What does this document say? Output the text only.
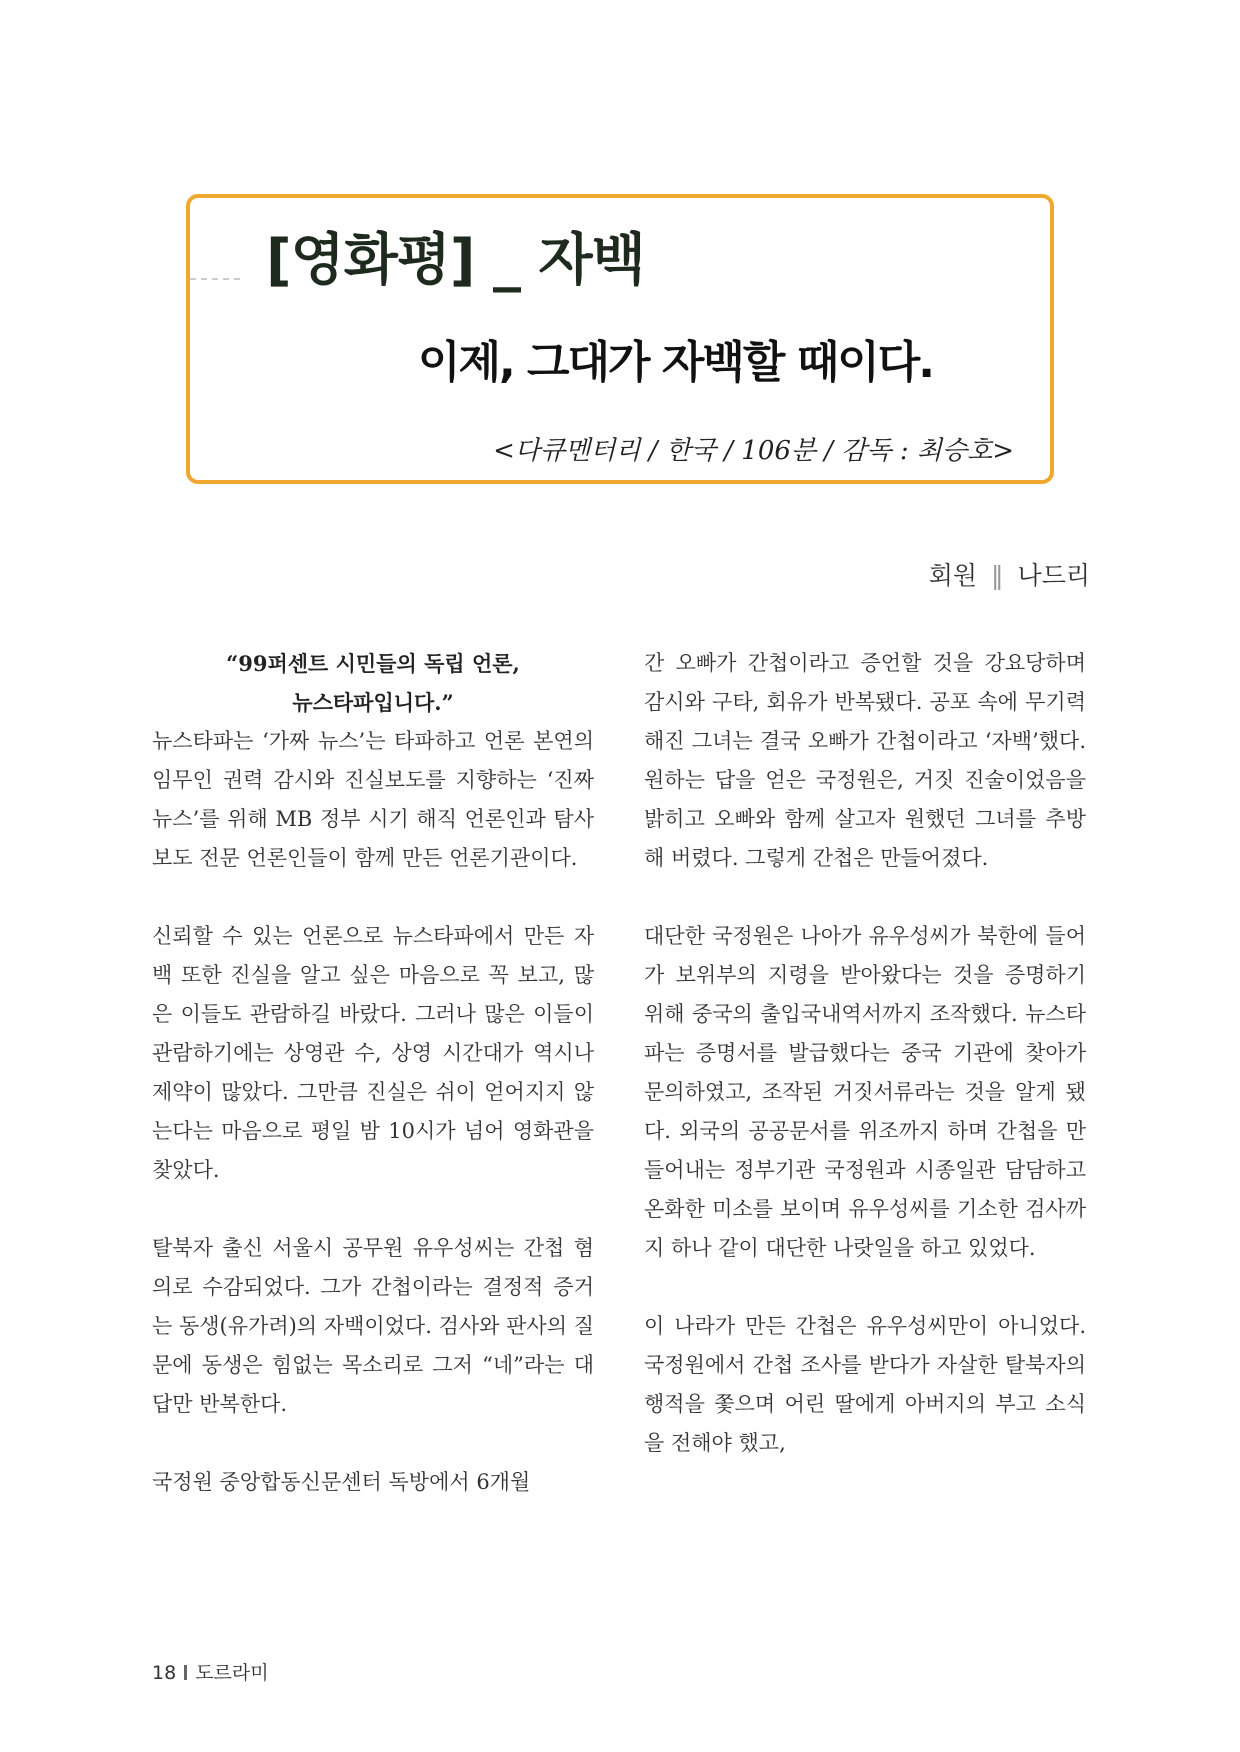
[영화평] _ 자백
이제, 그대가 자백할 때이다.
<다큐멘터리 / 한국 / 106분 / 감독 : 최승호>
회원 ‖ 나드리

“99퍼센트 시민들의 독립 언론,
뉴스타파입니다.”

뉴스타파는 ‘가짜 뉴스’는 타파하고 언론 본연의 임무인 권력 감시와 진실보도를 지향하는 ‘진짜 뉴스’를 위해 MB 정부 시기 해직 언론인과 탐사보도 전문 언론인들이 함께 만든 언론기관이다.

신뢰할 수 있는 언론으로 뉴스타파에서 만든 자백 또한 진실을 알고 싶은 마음으로 꼭 보고, 많은 이들도 관람하길 바랐다. 그러나 많은 이들이 관람하기에는 상영관 수, 상영 시간대가 역시나 제약이 많았다. 그만큼 진실은 쉬이 얻어지지 않는다는 마음으로 평일 밤 10시가 넘어 영화관을 찾았다.

탈북자 출신 서울시 공무원 유우성씨는 간첩 혐의로 수감되었다. 그가 간첩이라는 결정적 증거는 동생(유가려)의 자백이었다. 검사와 판사의 질문에 동생은 힘없는 목소리로 그저 “네”라는 대답만 반복한다.

국정원 중앙합동신문센터 독방에서 6개월

간 오빠가 간첩이라고 증언할 것을 강요당하며 감시와 구타, 회유가 반복됐다. 공포 속에 무기력해진 그녀는 결국 오빠가 간첩이라고 ‘자백’했다. 원하는 답을 얻은 국정원은, 거짓 진술이었음을 밝히고 오빠와 함께 살고자 원했던 그녀를 추방해 버렸다. 그렇게 간첩은 만들어졌다.

대단한 국정원은 나아가 유우성씨가 북한에 들어가 보위부의 지령을 받아왔다는 것을 증명하기 위해 중국의 출입국내역서까지 조작했다. 뉴스타파는 증명서를 발급했다는 중국 기관에 찾아가 문의하였고, 조작된 거짓서류라는 것을 알게 됐다. 외국의 공공문서를 위조까지 하며 간첩을 만들어내는 정부기관 국정원과 시종일관 담담하고 온화한 미소를 보이며 유우성씨를 기소한 검사까지 하나 같이 대단한 나랏일을 하고 있었다.

이 나라가 만든 간첩은 유우성씨만이 아니었다. 국정원에서 간첩 조사를 받다가 자살한 탈북자의 행적을 쫓으며 어린 딸에게 아버지의 부고 소식을 전해야 했고,

18 도르라미
